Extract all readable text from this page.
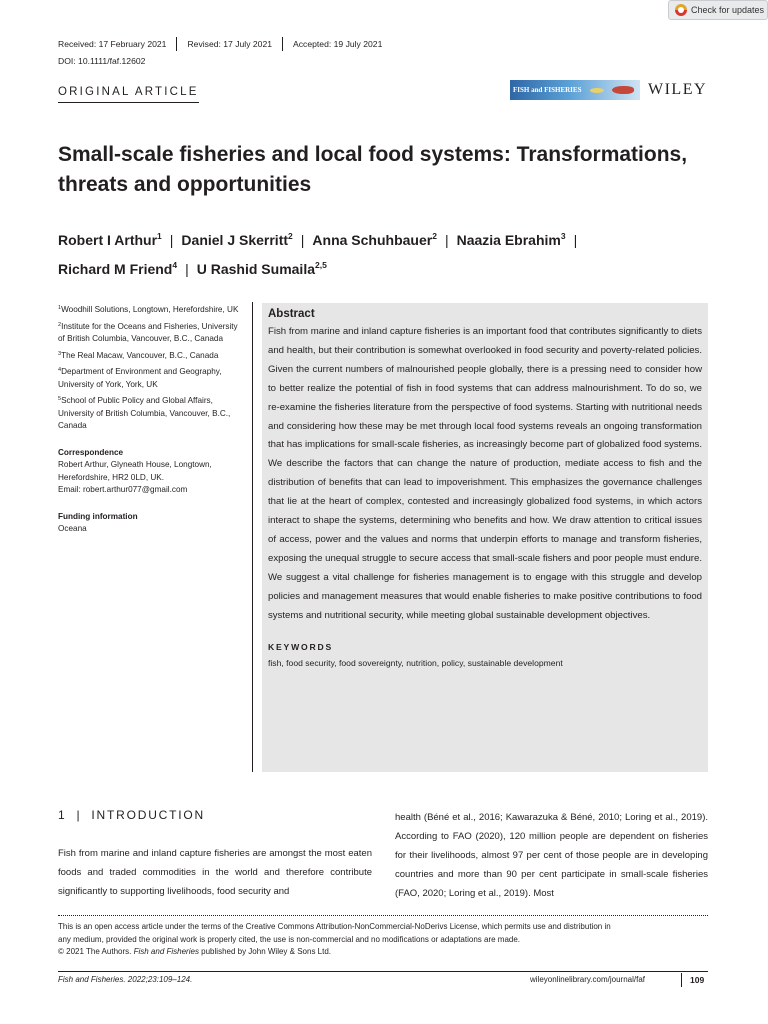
Check for updates
Received: 17 February 2021 Revised: 17 July 2021 Accepted: 19 July 2021
DOI: 10.1111/faf.12602
ORIGINAL ARTICLE	FISH and FISHERIES	WILEY
Small-scale fisheries and local food systems: Transformations, threats and opportunities
Robert I Arthur$^1$ | Daniel J Skerritt$^2$ | Anna Schuhbauer$^2$ | Naazia Ebrahim$^3$ |
Richard M Friend$^4$ | U Rashid Sumaila$^{2,5}$
$^1$Woodhill Solutions, Longtown, Herefordshire, UK
$^2$Institute for the Oceans and Fisheries, University of British Columbia, Vancouver, B.C., Canada
$^3$The Real Macaw, Vancouver, B.C., Canada
$^4$Department of Environment and Geography, University of York, York, UK
$^5$School of Public Policy and Global Affairs, University of British Columbia, Vancouver, B.C., Canada
Correspondence
Robert Arthur, Glyneath House, Longtown,
Herefordshire, HR2 0LD, UK.
Email: robert.arthur077@gmail.com
Funding information
Oceana
Abstract

Fish from marine and inland capture fisheries is an important food that contributes significantly to diets and health, but their contribution is somewhat overlooked in food security and poverty-related policies. Given the current numbers of malnourished people globally, there is a pressing need to consider how to better realize the potential of fish in food systems that can address malnourishment. To do so, we re-examine the fisheries literature from the perspective of food systems. Starting with nutritional needs and considering how these may be met through local food systems reveals an ongoing transformation that has implications for small-scale fisheries, as increasingly become part of globalized food systems. We describe the factors that can change the nature of production, mediate access to fish and the distribution of benefits that can lead to impoverishment. This emphasizes the governance challenges that lie at the heart of complex, contested and increasingly globalized food systems, in which actors interact to shape the systems, determining who benefits and how. We draw attention to critical issues of access, power and the values and norms that underpin efforts to manage and transform fisheries, exposing the unequal struggle to secure access that small-scale fishers and poor people must endure. We suggest a vital challenge for fisheries management is to engage with this struggle and develop policies and management measures that would enable fisheries to make positive contributions to food systems and nutritional security, while meeting global sustainable development objectives.

KEYWORDS
fish, food security, food sovereignty, nutrition, policy, sustainable development
1 | INTRODUCTION

Fish from marine and inland capture fisheries are amongst the most eaten foods and traded commodities in the world and therefore contribute significantly to supporting livelihoods, food security and

health (Béné et al., 2016; Kawarazuka & Béné, 2010; Loring et al., 2019). According to FAO (2020), 120 million people are dependent on fisheries for their livelihoods, almost 97 per cent of those people are in developing countries and more than 90 per cent participate in small-scale fisheries (FAO, 2020; Loring et al., 2019). Most

This is an open access article under the terms of the Creative Commons Attribution-NonCommercial-NoDerivs License, which permits use and distribution in
any medium, provided the original work is properly cited, the use is non-commercial and no modifications or adaptations are made.
© 2021 The Authors. Fish and Fisheries published by John Wiley & Sons Ltd.
Fish and Fisheries. 2022;23:109–124.	wileyonlinelibrary.com/journal/faf	109
